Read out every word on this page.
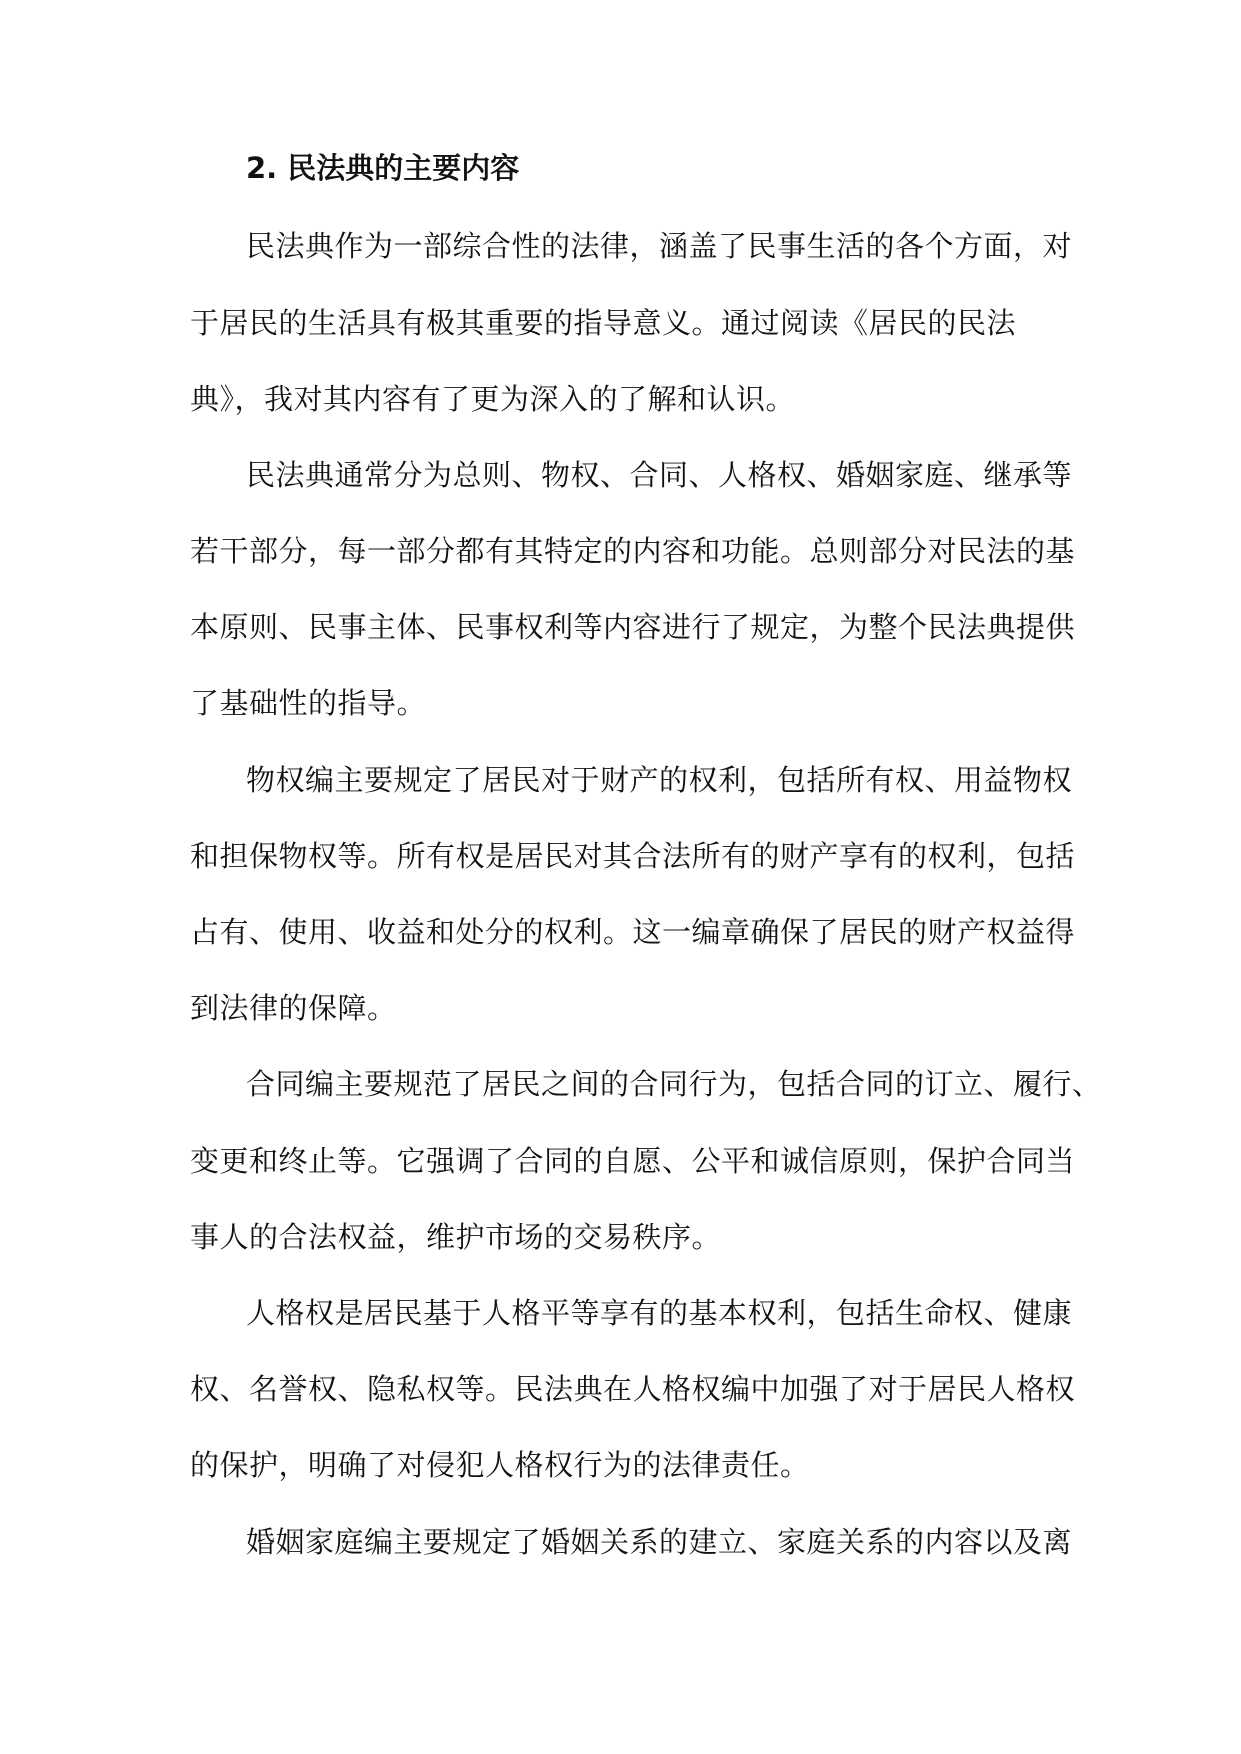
2. 民法典的主要内容
民法典作为一部综合性的法律，涵盖了民事生活的各个方面，对
于居民的生活具有极其重要的指导意义。通过阅读《居民的民法
典》，我对其内容有了更为深入的了解和认识。
民法典通常分为总则、物权、合同、人格权、婚姻家庭、继承等
若干部分，每一部分都有其特定的内容和功能。总则部分对民法的基
本原则、民事主体、民事权利等内容进行了规定，为整个民法典提供
了基础性的指导。
物权编主要规定了居民对于财产的权利，包括所有权、用益物权
和担保物权等。所有权是居民对其合法所有的财产享有的权利，包括
占有、使用、收益和处分的权利。这一编章确保了居民的财产权益得
到法律的保障。
合同编主要规范了居民之间的合同行为，包括合同的订立、履行、
变更和终止等。它强调了合同的自愿、公平和诚信原则，保护合同当
事人的合法权益，维护市场的交易秩序。
人格权是居民基于人格平等享有的基本权利，包括生命权、健康
权、名誉权、隐私权等。民法典在人格权编中加强了对于居民人格权
的保护，明确了对侵犯人格权行为的法律责任。
婚姻家庭编主要规定了婚姻关系的建立、家庭关系的内容以及离
